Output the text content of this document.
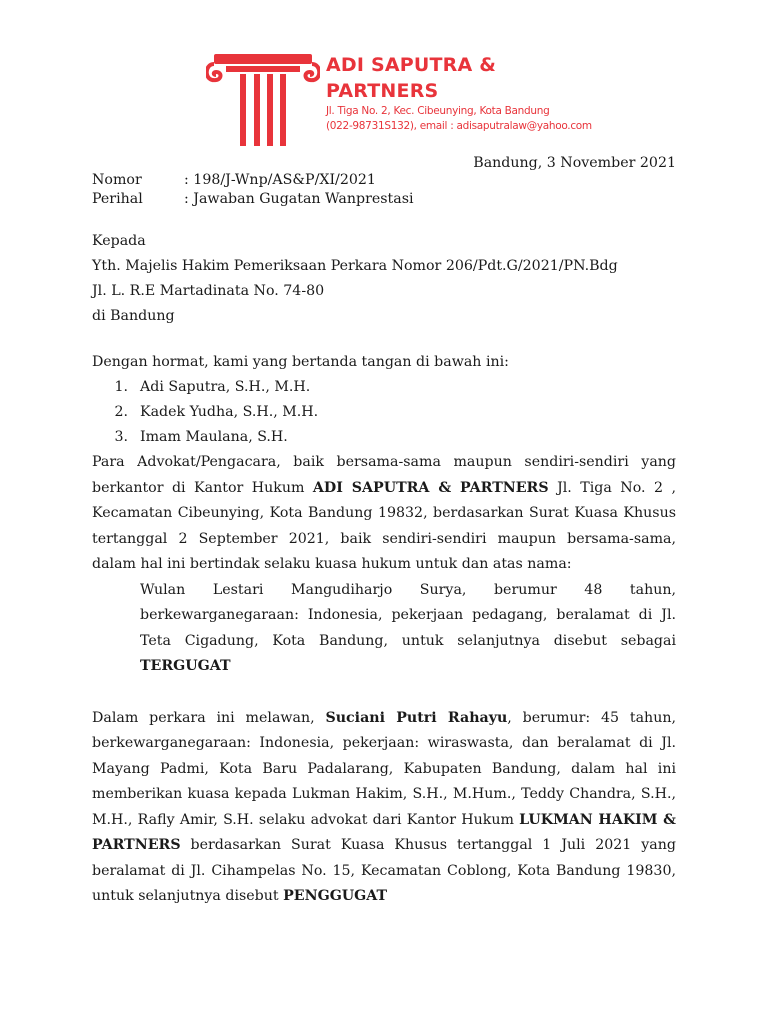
ADI SAPUTRA &
PARTNERS
Jl. Tiga No. 2, Kec. Cibeunying, Kota Bandung
(022-98731S132), email : adisaputralaw@yahoo.com
Bandung, 3 November 2021
Nomor	: 198/J-Wnp/AS&P/XI/2021
Perihal	: Jawaban Gugatan Wanprestasi
Kepada
Yth. Majelis Hakim Pemeriksaan Perkara Nomor 206/Pdt.G/2021/PN.Bdg
Jl. L. R.E Martadinata No. 74-80
di Bandung
Dengan hormat, kami yang bertanda tangan di bawah ini:
1. Adi Saputra, S.H., M.H.
2. Kadek Yudha, S.H., M.H.
3. Imam Maulana, S.H.

Para Advokat/Pengacara, baik bersama-sama maupun sendiri-sendiri yang berkantor di Kantor Hukum ADI SAPUTRA & PARTNERS Jl. Tiga No. 2 , Kecamatan Cibeunying, Kota Bandung 19832, berdasarkan Surat Kuasa Khusus tertanggal 2 September 2021, baik sendiri-sendiri maupun bersama-sama, dalam hal ini bertindak selaku kuasa hukum untuk dan atas nama:

Wulan Lestari Mangudiharjo Surya, berumur 48 tahun, berkewarganegaraan: Indonesia, pekerjaan pedagang, beralamat di Jl. Teta Cigadung, Kota Bandung, untuk selanjutnya disebut sebagai TERGUGAT

Dalam perkara ini melawan, Suciani Putri Rahayu, berumur: 45 tahun, berkewarganegaraan: Indonesia, pekerjaan: wiraswasta, dan beralamat di Jl. Mayang Padmi, Kota Baru Padalarang, Kabupaten Bandung, dalam hal ini memberikan kuasa kepada Lukman Hakim, S.H., M.Hum., Teddy Chandra, S.H., M.H., Rafly Amir, S.H. selaku advokat dari Kantor Hukum LUKMAN HAKIM & PARTNERS berdasarkan Surat Kuasa Khusus tertanggal 1 Juli 2021 yang beralamat di Jl. Cihampelas No. 15, Kecamatan Coblong, Kota Bandung 19830, untuk selanjutnya disebut PENGGUGAT
